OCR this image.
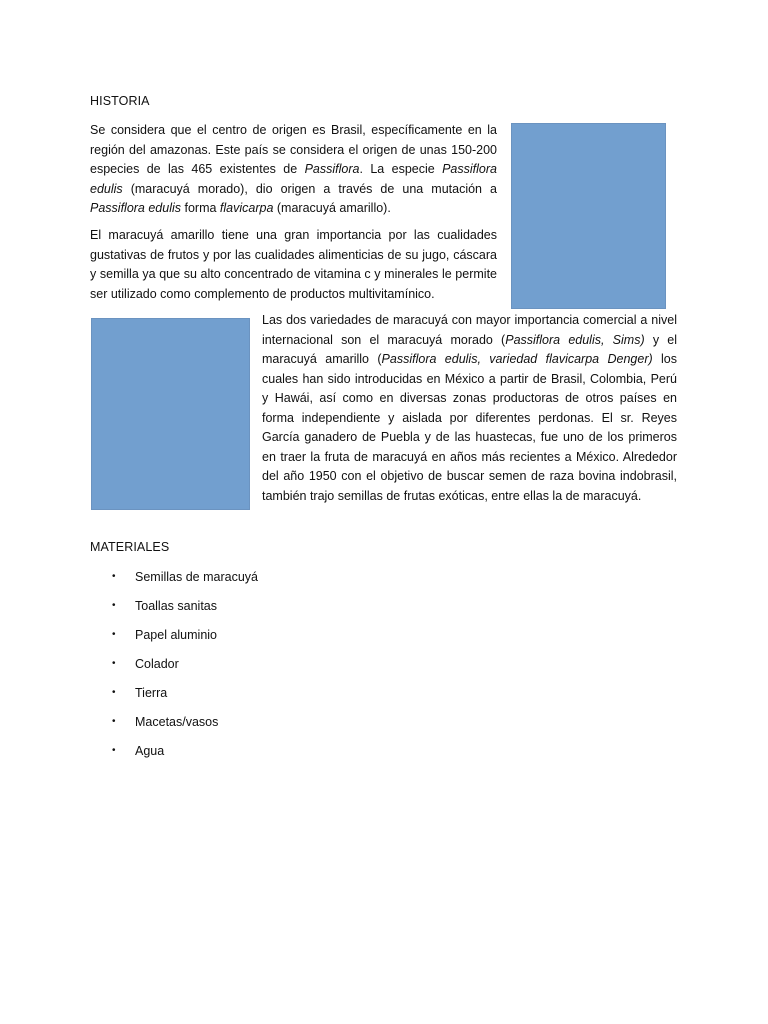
HISTORIA

Se considera que el centro de origen es Brasil, específicamente en la región del amazonas. Este país se considera el origen de unas 150-200 especies de las 465 existentes de Passiflora. La especie Passiflora edulis (maracuyá morado), dio origen a través de una mutación a Passiflora edulis forma flavicarpa (maracuyá amarillo).

El maracuyá amarillo tiene una gran importancia por las cualidades gustativas de frutos y por las cualidades alimenticias de su jugo, cáscara y semilla ya que su alto concentrado de vitamina c y minerales le permite ser utilizado como complemento de productos multivitamínico.

Las dos variedades de maracuyá con mayor importancia comercial a nivel internacional son el maracuyá morado (Passiflora edulis, Sims) y el maracuyá amarillo (Passiflora edulis, variedad flavicarpa Denger) los cuales han sido introducidas en México a partir de Brasil, Colombia, Perú y Hawái, así como en diversas zonas productoras de otros países en forma independiente y aislada por diferentes perdonas. El sr. Reyes García ganadero de Puebla y de las huastecas, fue uno de los primeros en traer la fruta de maracuyá en años más recientes a México. Alrededor del año 1950 con el objetivo de buscar semen de raza bovina indobrasil, también trajo semillas de frutas exóticas, entre ellas la de maracuyá.

MATERIALES
• Semillas de maracuyá
• Toallas sanitas
• Papel aluminio
• Colador
• Tierra
• Macetas/vasos
• Agua
